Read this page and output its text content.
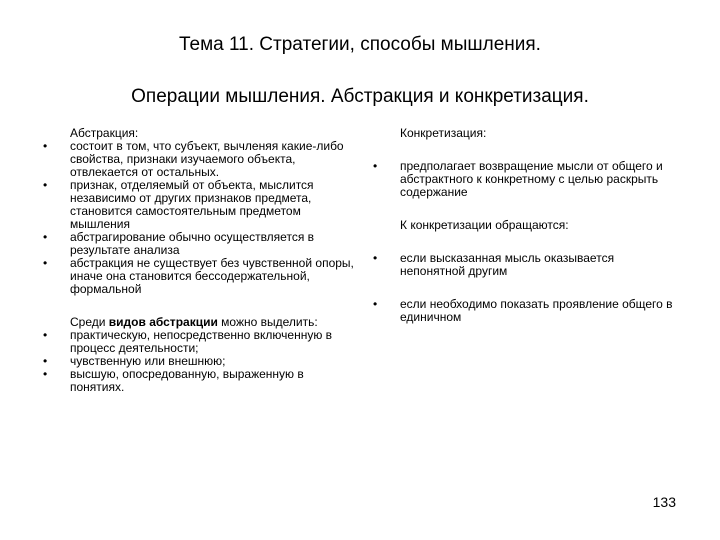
Тема 11. Стратегии, способы мышления.
Операции мышления. Абстракция и конкретизация.
Абстракция:
•	состоит в том, что субъект, вычленяя какие-либо свойства, признаки изучаемого объекта, отвлекается от остальных.
•	признак, отделяемый от объекта, мыслится независимо от других признаков предмета, становится самостоятельным предметом мышления
•	абстрагирование обычно осуществляется в результате анализа
•	абстракция не существует без чувственной опоры, иначе она становится бессодержательной, формальной
Среди видов абстракции можно выделить:
•	практическую, непосредственно включенную в процесс деятельности;
•	чувственную или внешнюю;
•	высшую, опосредованную, выраженную в понятиях.
Конкретизация:
•	предполагает возвращение мысли от общего и абстрактного к конкретному с целью раскрыть содержание
К конкретизации обращаются:
•	если высказанная мысль оказывается непонятной другим
•	если необходимо показать проявление общего в единичном
133
